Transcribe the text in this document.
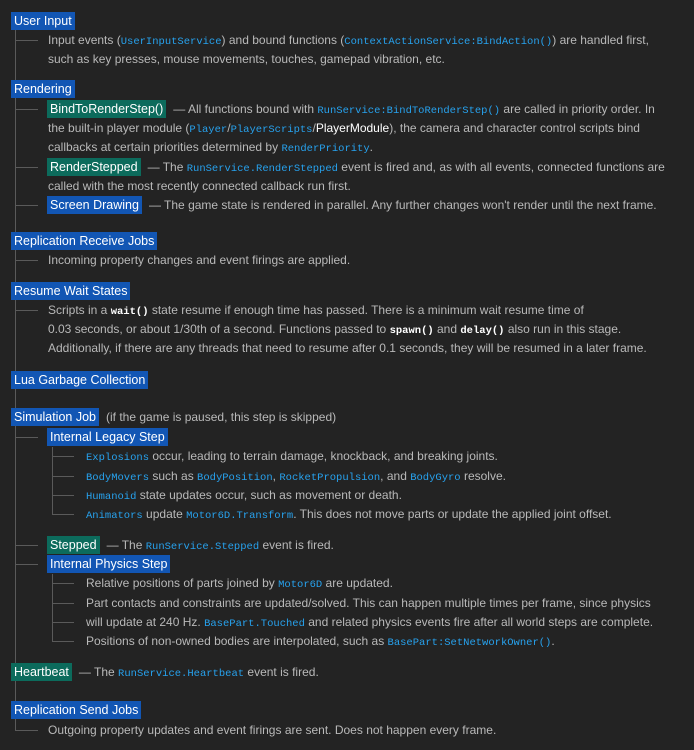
User Input
Input events (UserInputService) and bound functions (ContextActionService:BindAction()) are handled first,
such as key presses, mouse movements, touches, gamepad vibration, etc.
Rendering
BindToRenderStep() — All functions bound with RunService:BindToRenderStep() are called in priority order. In
the built-in player module (Player/PlayerScripts/PlayerModule), the camera and character control scripts bind
callbacks at certain priorities determined by RenderPriority.
RenderStepped — The RunService.RenderStepped event is fired and, as with all events, connected functions are
called with the most recently connected callback run first.
Screen Drawing — The game state is rendered in parallel. Any further changes won't render until the next frame.
Replication Receive Jobs
Incoming property changes and event firings are applied.
Resume Wait States
Scripts in a wait() state resume if enough time has passed. There is a minimum wait resume time of
0.03 seconds, or about 1/30th of a second. Functions passed to spawn() and delay() also run in this stage.
Additionally, if there are any threads that need to resume after 0.1 seconds, they will be resumed in a later frame.
Lua Garbage Collection
Simulation Job (if the game is paused, this step is skipped)
Internal Legacy Step
Explosions occur, leading to terrain damage, knockback, and breaking joints.
BodyMovers such as BodyPosition, RocketPropulsion, and BodyGyro resolve.
Humanoid state updates occur, such as movement or death.
Animators update Motor6D.Transform. This does not move parts or update the applied joint offset.
Stepped — The RunService.Stepped event is fired.
Internal Physics Step
Relative positions of parts joined by Motor6D are updated.
Part contacts and constraints are updated/solved. This can happen multiple times per frame, since physics
will update at 240 Hz. BasePart.Touched and related physics events fire after all world steps are complete.
Positions of non-owned bodies are interpolated, such as BasePart:SetNetworkOwner().
Heartbeat — The RunService.Heartbeat event is fired.
Replication Send Jobs
Outgoing property updates and event firings are sent. Does not happen every frame.
